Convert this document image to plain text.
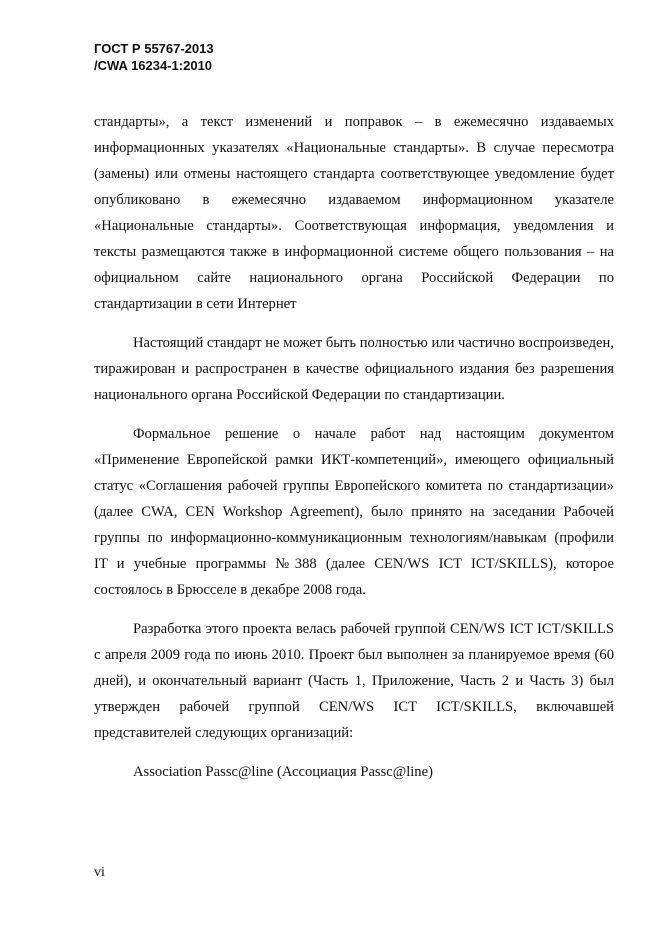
ГОСТ Р 55767-2013
/CWA 16234-1:2010

стандарты», а текст изменений и поправок – в ежемесячно издаваемых информационных указателях «Национальные стандарты». В случае пересмотра (замены) или отмены настоящего стандарта соответствующее уведомление будет опубликовано в ежемесячно издаваемом информационном указателе «Национальные стандарты». Соответствующая информация, уведомления и тексты размещаются также в информационной системе общего пользования – на официальном сайте национального органа Российской Федерации по стандартизации в сети Интернет

Настоящий стандарт не может быть полностью или частично воспроизведен, тиражирован и распространен в качестве официального издания без разрешения национального органа Российской Федерации по стандартизации.

Формальное решение о начале работ над настоящим документом «Применение Европейской рамки ИКТ-компетенций», имеющего официальный статус «Соглашения рабочей группы Европейского комитета по стандартизации» (далее CWA, CEN Workshop Agreement), было принято на заседании Рабочей группы по информационно-коммуникационным технологиям/навыкам (профили IT и учебные программы №388 (далее CEN/WS ICT ICT/SKILLS), которое состоялось в Брюсселе в декабре 2008 года.

Разработка этого проекта велась рабочей группой CEN/WS ICT ICT/SKILLS с апреля 2009 года по июнь 2010. Проект был выполнен за планируемое время (60 дней), и окончательный вариант (Часть 1, Приложение, Часть 2 и Часть 3) был утвержден рабочей группой CEN/WS ICT ICT/SKILLS, включавшей представителей следующих организаций:

Association Passc@line (Ассоциация Passc@line)

vi
